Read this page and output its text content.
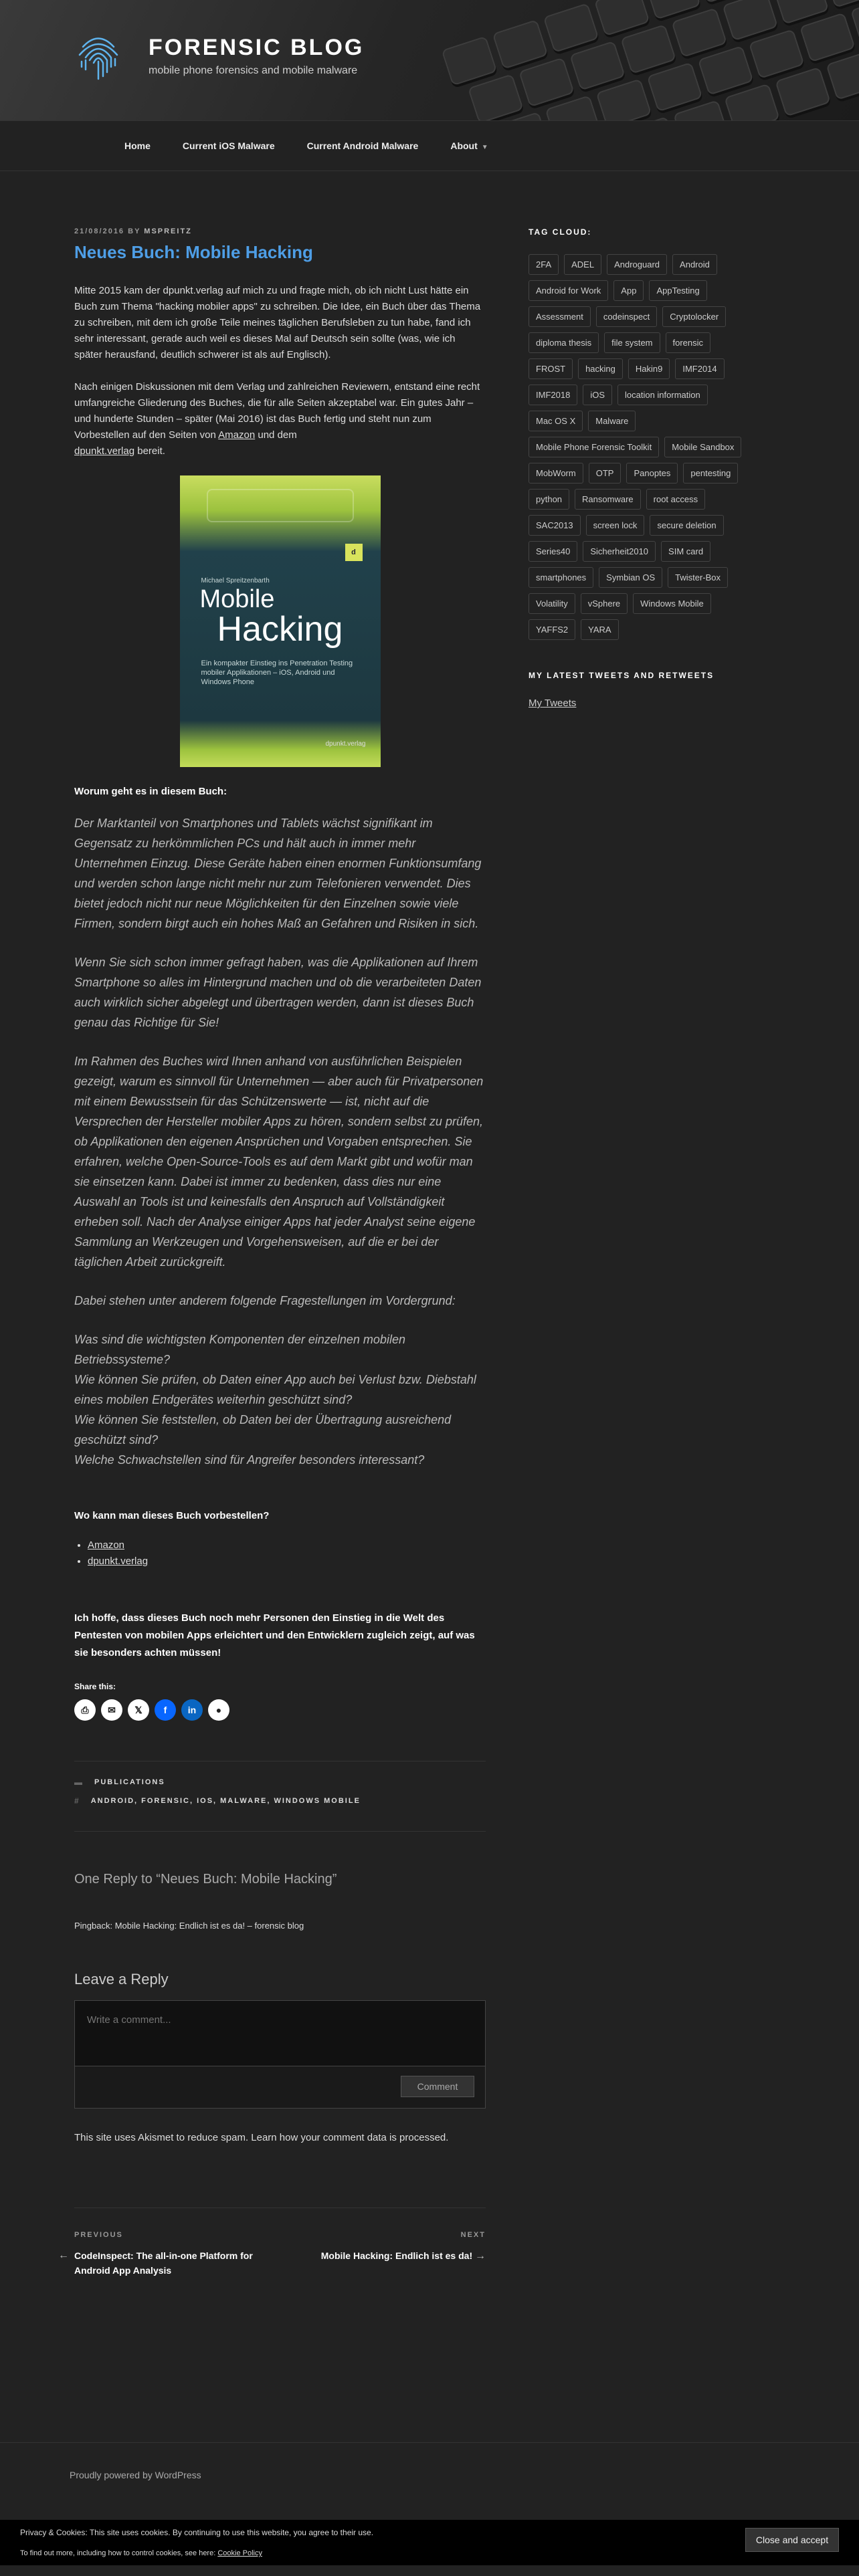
FORENSIC BLOG
mobile phone forensics and mobile malware
Home	Current iOS Malware	Current Android Malware	About ▼
21/08/2016 BY MSPREITZ
Neues Buch: Mobile Hacking

Mitte 2015 kam der dpunkt.verlag auf mich zu und fragte mich, ob ich nicht Lust hätte ein Buch zum Thema "hacking mobiler apps" zu schreiben. Die Idee, ein Buch über das Thema zu schreiben, mit dem ich große Teile meines täglichen Berufsleben zu tun habe, fand ich sehr interessant, gerade auch weil es dieses Mal auf Deutsch sein sollte (was, wie ich später herausfand, deutlich schwerer ist als auf Englisch).

Nach einigen Diskussionen mit dem Verlag und zahlreichen Reviewern, entstand eine recht umfangreiche Gliederung des Buches, die für alle Seiten akzeptabel war. Ein gutes Jahr – und hunderte Stunden – später (Mai 2016) ist das Buch fertig und steht nun zum Vorbestellen auf den Seiten von Amazon und dem
dpunkt.verlag bereit.

d
Michael Spreitzenbarth
Mobile
Hacking
Ein kompakter Einstieg ins Penetration Testing mobiler Applikationen – iOS, Android und Windows Phone
dpunkt.verlag
Worum geht es in diesem Buch:

Der Marktanteil von Smartphones und Tablets wächst signifikant im Gegensatz zu herkömmlichen PCs und hält auch in immer mehr Unternehmen Einzug. Diese Geräte haben einen enormen Funktionsumfang und werden schon lange nicht mehr nur zum Telefonieren verwendet. Dies bietet jedoch nicht nur neue Möglichkeiten für den Einzelnen sowie viele Firmen, sondern birgt auch ein hohes Maß an Gefahren und Risiken in sich.

Wenn Sie sich schon immer gefragt haben, was die Applikationen auf Ihrem Smartphone so alles im Hintergrund machen und ob die verarbeiteten Daten auch wirklich sicher abgelegt und übertragen werden, dann ist dieses Buch genau das Richtige für Sie!

Im Rahmen des Buches wird Ihnen anhand von ausführlichen Beispielen gezeigt, warum es sinnvoll für Unternehmen — aber auch für Privatpersonen mit einem Bewusstsein für das Schützenswerte — ist, nicht auf die Versprechen der Hersteller mobiler Apps zu hören, sondern selbst zu prüfen, ob Applikationen den eigenen Ansprüchen und Vorgaben entsprechen. Sie erfahren, welche Open-Source-Tools es auf dem Markt gibt und wofür man sie einsetzen kann. Dabei ist immer zu bedenken, dass dies nur eine Auswahl an Tools ist und keinesfalls den Anspruch auf Vollständigkeit erheben soll. Nach der Analyse einiger Apps hat jeder Analyst seine eigene Sammlung an Werkzeugen und Vorgehensweisen, auf die er bei der täglichen Arbeit zurückgreift.

Dabei stehen unter anderem folgende Fragestellungen im Vordergrund:

Was sind die wichtigsten Komponenten der einzelnen mobilen Betriebssysteme?
Wie können Sie prüfen, ob Daten einer App auch bei Verlust bzw. Diebstahl eines mobilen Endgerätes weiterhin geschützt sind?
Wie können Sie feststellen, ob Daten bei der Übertragung ausreichend geschützt sind?
Welche Schwachstellen sind für Angreifer besonders interessant?
Wo kann man dieses Buch vorbestellen?
• Amazon
• dpunkt.verlag

Ich hoffe, dass dieses Buch noch mehr Personen den Einstieg in die Welt des Pentesten von mobilen Apps erleichtert und den Entwicklern zugleich zeigt, auf was sie besonders achten müssen!

Share this:
⎙	✉	𝕏	f	in	●
▬ PUBLICATIONS
# ANDROID, FORENSIC, IOS, MALWARE, WINDOWS MOBILE
One Reply to “Neues Buch: Mobile Hacking”
Pingback: Mobile Hacking: Endlich ist es da! – forensic blog
Leave a Reply
Write a comment...
Comment

This site uses Akismet to reduce spam. Learn how your comment data is processed.

PREVIOUS
← CodeInspect: The all-in-one Platform for Android App Analysis
NEXT
Mobile Hacking: Endlich ist es da! →
TAG CLOUD:
2FA	ADEL	Androguard	Android
Android for Work	App	AppTesting
Assessment	codeinspect	Cryptolocker
diploma thesis	file system	forensic
FROST	hacking	Hakin9	IMF2014
IMF2018	iOS	location information
Mac OS X	Malware
Mobile Phone Forensic Toolkit	Mobile Sandbox
MobWorm	OTP	Panoptes	pentesting
python	Ransomware	root access
SAC2013	screen lock	secure deletion
Series40	Sicherheit2010	SIM card
smartphones	Symbian OS	Twister-Box
Volatility	vSphere	Windows Mobile
YAFFS2	YARA
MY LATEST TWEETS AND RETWEETS
My Tweets
Proudly powered by WordPress
Privacy & Cookies: This site uses cookies. By continuing to use this website, you agree to their use.
To find out more, including how to control cookies, see here: Cookie Policy
Close and accept
